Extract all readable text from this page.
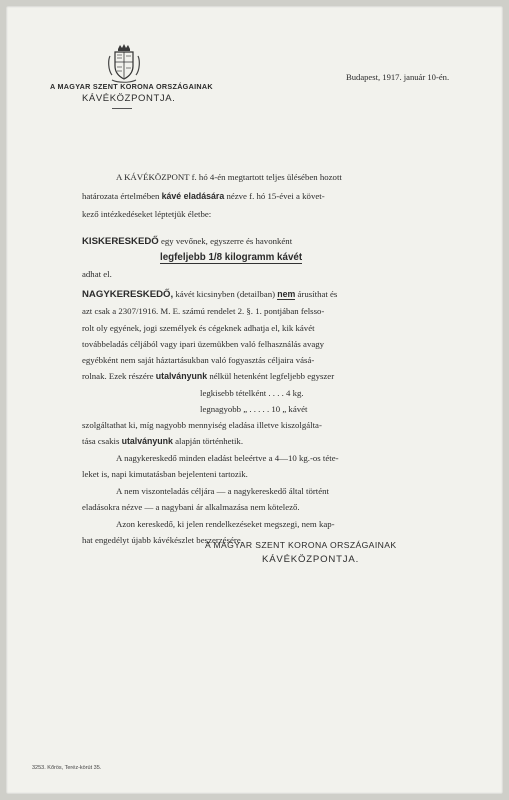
A MAGYAR SZENT KORONA ORSZÁGAINAK
KÁVÉKÖZPONTJA.
Budapest, 1917. január 10-én.
A KÁVÉKÖZPONT f. hó 4-én megtartott teljes ülésében hozott
határozata értelmében kávé eladására nézve f. hó 15-évei a követ-
kező intézkedéseket léptetjük életbe:
KISKERESKEDŐ egy vevőnek, egyszerre és havonként
legfeljebb 1/8 kilogramm kávét
adhat el.
NAGYKERESKEDŐ, kávét kicsinyben (detailban) nem árusíthat és
azt csak a 2307/1916. M. E. számú rendelet 2. §. 1. pontjában felsso-
rolt oly egyének, jogi személyek és cégeknek adhatja el, kik kávét
továbbeladás céljából vagy ipari üzemükben való felhasználás avagy
egyébként nem saját háztartásukban való fogyasztás céljaira vásá-
rolnak. Ezek részére utalványunk nélkül hetenként legfeljebb egyszer
legkisebb tételként . . . . 4 kg.
legnagyobb „ . . . . . 10 „ kávét
szolgáltathat ki, míg nagyobb mennyiség eladása illetve kiszolgálta-
tása csakis utalványunk alapján történhetik.
A nagykereskedő minden eladást beleértve a 4—10 kg.-os téte-
leket is, napi kimutatásban bejelenteni tartozik.
A nem viszonteladás céljára — a nagykereskedő által történt
eladásokra nézve — a nagybani ár alkalmazása nem kötelező.
Azon kereskedő, ki jelen rendelkezéseket megszegi, nem kap-
hat engedélyt újabb kávékészlet beszerzésére.
A MAGYAR SZENT KORONA ORSZÁGAINAK
KÁVÉKÖZPONTJA.
3253. Kőrös, Teréz-körút 35.
